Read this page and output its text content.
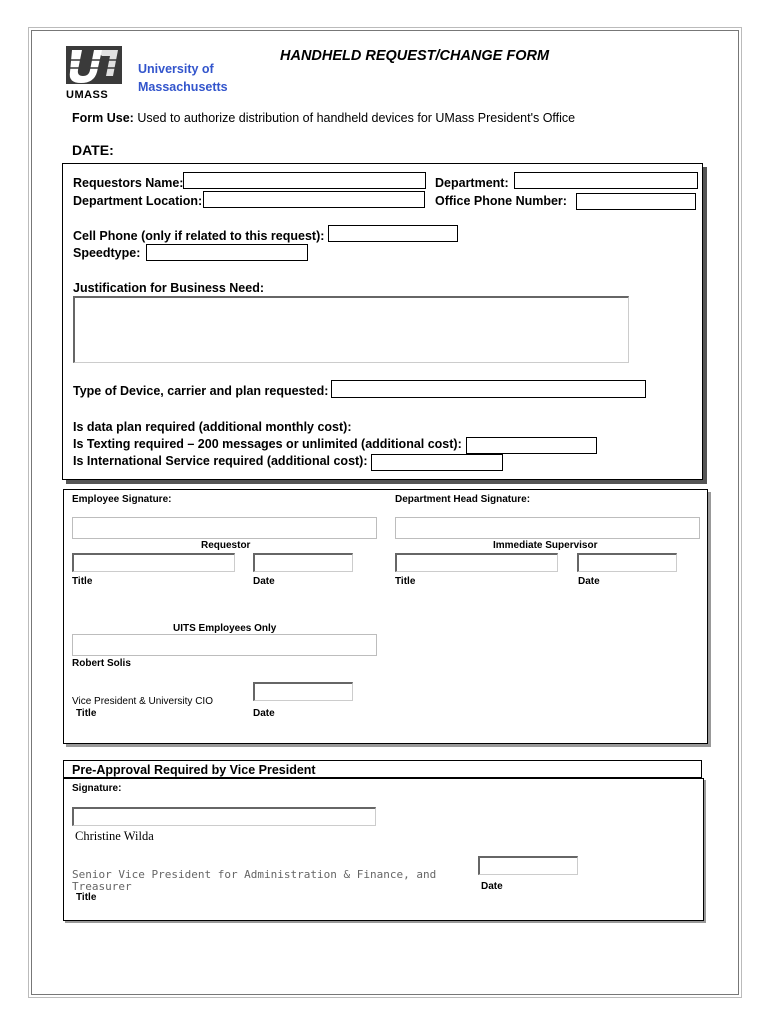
UMASS
University of
Massachusetts
HANDHELD REQUEST/CHANGE FORM
Form Use: Used to authorize distribution of handheld devices for UMass President's Office
DATE:
Requestors Name:	Department:
Department Location:	Office Phone Number:
Cell Phone (only if related to this request):
Speedtype:
Justification for Business Need:
Type of Device, carrier and plan requested:
Is data plan required (additional monthly cost):
Is Texting required – 200 messages or unlimited (additional cost):
Is International Service required (additional cost):
Employee Signature:	Department Head Signature:
Requestor	Immediate Supervisor
Title	Date	Title	Date
UITS Employees Only
Robert Solis
Vice President & University CIO
Title	Date
Pre-Approval Required by Vice President
Signature:
Christine Wilda
Senior Vice President for Administration & Finance, and
Treasurer
Title
Date
